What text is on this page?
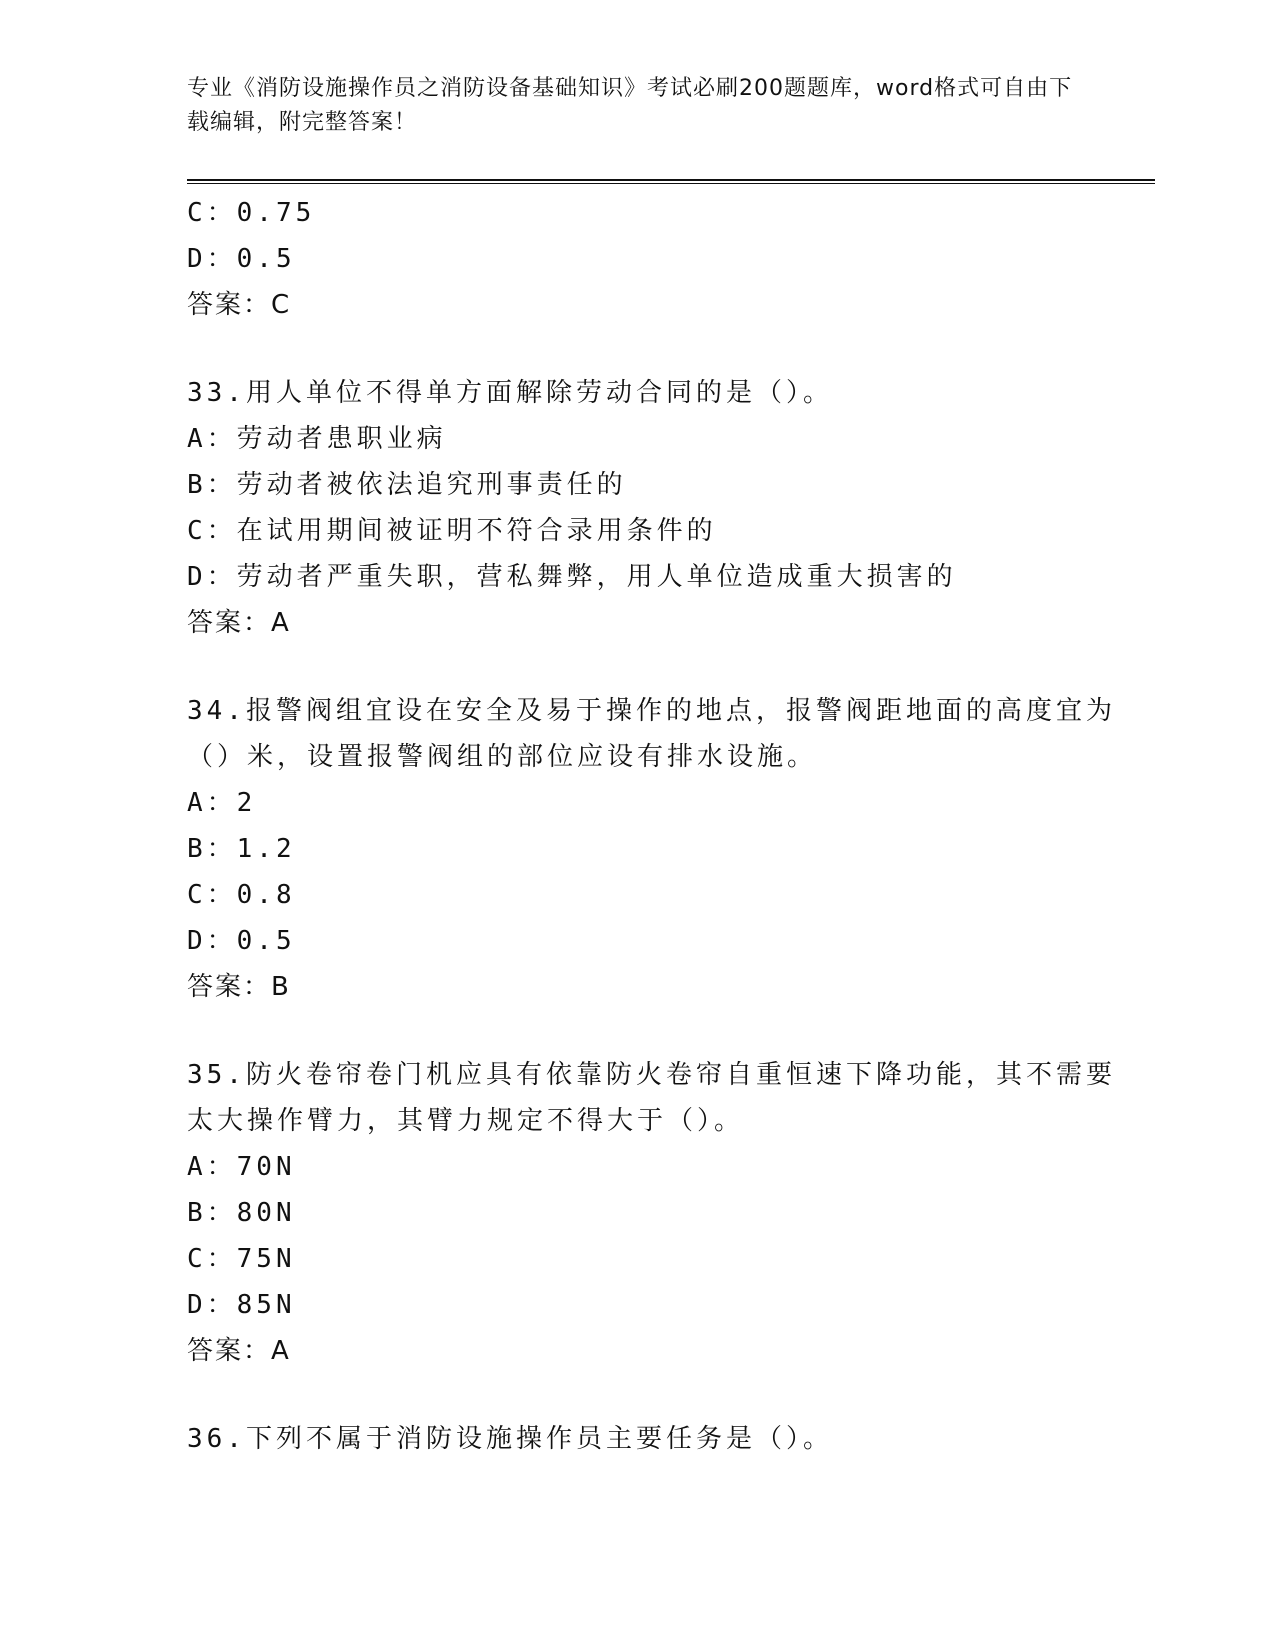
专业《消防设施操作员之消防设备基础知识》考试必刷200题题库，word格式可自由下载编辑，附完整答案！
C：0.75
D：0.5
答案：C
33.用人单位不得单方面解除劳动合同的是（）。
A：劳动者患职业病
B：劳动者被依法追究刑事责任的
C：在试用期间被证明不符合录用条件的
D：劳动者严重失职，营私舞弊，用人单位造成重大损害的
答案：A
34.报警阀组宜设在安全及易于操作的地点，报警阀距地面的高度宜为（）米，设置报警阀组的部位应设有排水设施。
A：2
B：1.2
C：0.8
D：0.5
答案：B
35.防火卷帘卷门机应具有依靠防火卷帘自重恒速下降功能，其不需要太大操作臂力，其臂力规定不得大于（）。
A：70N
B：80N
C：75N
D：85N
答案：A
36.下列不属于消防设施操作员主要任务是（）。
